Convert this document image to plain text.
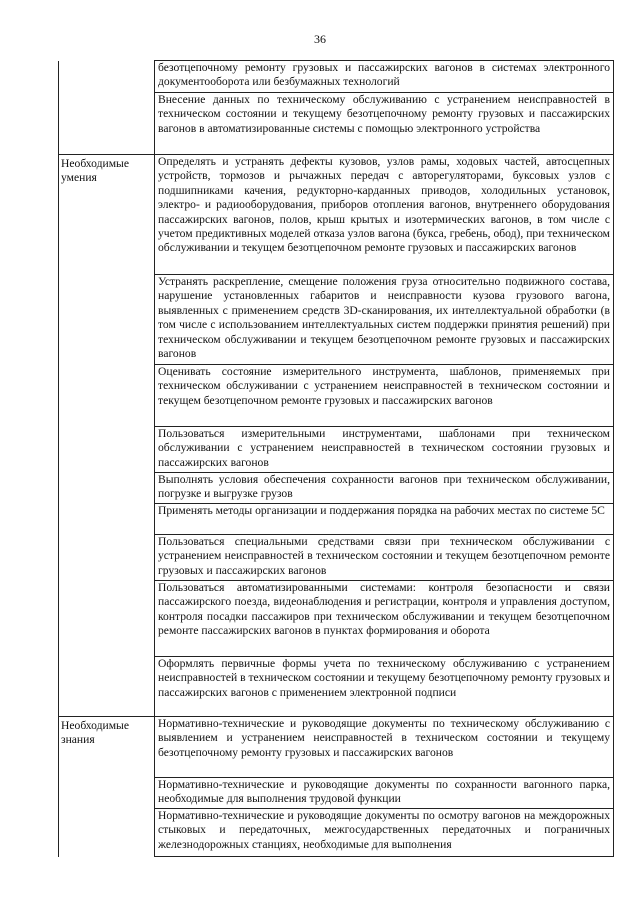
36
	безотцепочному ремонту грузовых и пассажирских вагонов в системах электронного документооборота или безбумажных технологий
	Внесение данных по техническому обслуживанию с устранением неисправностей в техническом состоянии и текущему безотцепочному ремонту грузовых и пассажирских вагонов в автоматизированные системы с помощью электронного устройства
Необходимые умения	Определять и устранять дефекты кузовов, узлов рамы, ходовых частей, автосцепных устройств, тормозов и рычажных передач с авторегуляторами, буксовых узлов с подшипниками качения, редукторно-карданных приводов, холодильных установок, электро- и радиооборудования, приборов отопления вагонов, внутреннего оборудования пассажирских вагонов, полов, крыш крытых и изотермических вагонов, в том числе с учетом предиктивных моделей отказа узлов вагона (букса, гребень, обод), при техническом обслуживании и текущем безотцепочном ремонте грузовых и пассажирских вагонов
	Устранять раскрепление, смещение положения груза относительно подвижного состава, нарушение установленных габаритов и неисправности кузова грузового вагона, выявленных с применением средств 3D-сканирования, их интеллектуальной обработки (в том числе с использованием интеллектуальных систем поддержки принятия решений) при техническом обслуживании и текущем безотцепочном ремонте грузовых и пассажирских вагонов
	Оценивать состояние измерительного инструмента, шаблонов, применяемых при техническом обслуживании с устранением неисправностей в техническом состоянии и текущем безотцепочном ремонте грузовых и пассажирских вагонов
	Пользоваться измерительными инструментами, шаблонами при техническом обслуживании с устранением неисправностей в техническом состоянии грузовых и пассажирских вагонов
	Выполнять условия обеспечения сохранности вагонов при техническом обслуживании, погрузке и выгрузке грузов
	Применять методы организации и поддержания порядка на рабочих местах по системе 5С
	Пользоваться специальными средствами связи при техническом обслуживании с устранением неисправностей в техническом состоянии и текущем безотцепочном ремонте грузовых и пассажирских вагонов
	Пользоваться автоматизированными системами: контроля безопасности и связи пассажирского поезда, видеонаблюдения и регистрации, контроля и управления доступом, контроля посадки пассажиров при техническом обслуживании и текущем безотцепочном ремонте пассажирских вагонов в пунктах формирования и оборота
	Оформлять первичные формы учета по техническому обслуживанию с устранением неисправностей в техническом состоянии и текущему безотцепочному ремонту грузовых и пассажирских вагонов с применением электронной подписи
Необходимые знания	Нормативно-технические и руководящие документы по техническому обслуживанию с выявлением и устранением неисправностей в техническом состоянии и текущему безотцепочному ремонту грузовых и пассажирских вагонов
	Нормативно-технические и руководящие документы по сохранности вагонного парка, необходимые для выполнения трудовой функции
	Нормативно-технические и руководящие документы по осмотру вагонов на междорожных стыковых и передаточных, межгосударственных передаточных и пограничных железнодорожных станциях, необходимые для выполнения
